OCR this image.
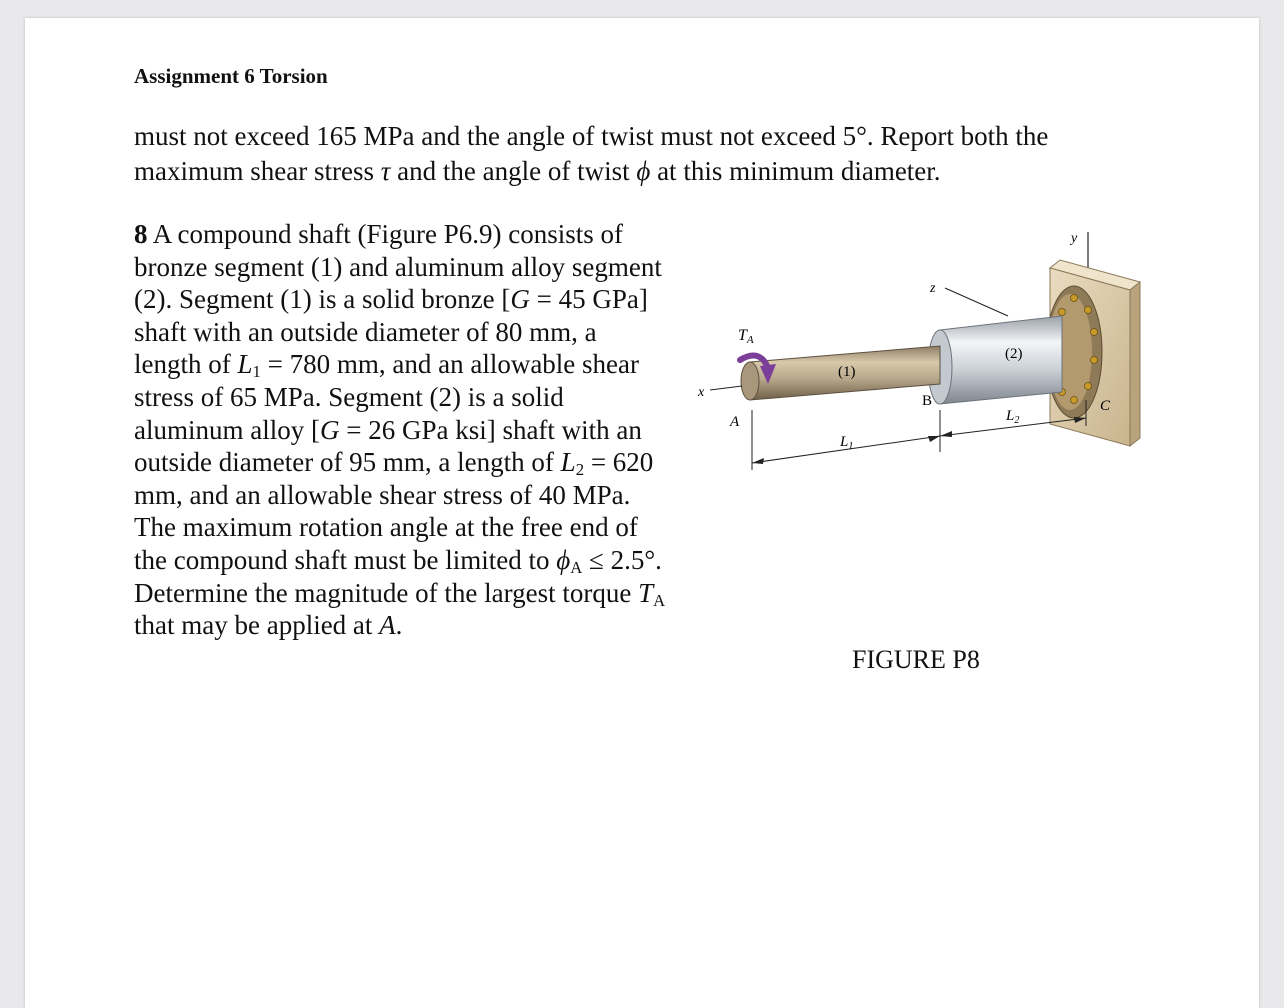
Assignment 6 Torsion
must not exceed 165 MPa and the angle of twist must not exceed 5°. Report both the
maximum shear stress τ and the angle of twist ϕ at this minimum diameter.
8 A compound shaft (Figure P6.9) consists of
bronze segment (1) and aluminum alloy segment
(2). Segment (1) is a solid bronze [G = 45 GPa]
shaft with an outside diameter of 80 mm, a
length of $L_1 = 780$ mm, and an allowable shear
stress of 65 MPa. Segment (2) is a solid
aluminum alloy [G = 26 GPa ksi] shaft with an
outside diameter of 95 mm, a length of $L_2 = 620$
mm, and an allowable shear stress of 40 MPa.
The maximum rotation angle at the free end of
the compound shaft must be limited to $\phi_A \le 2.5^\circ$.
Determine the magnitude of the largest torque $T_A$
that may be applied at A.
y
z
x
TA
(1)
(2)
A
B	C
$L_1$
$L_2$
FIGURE P8
